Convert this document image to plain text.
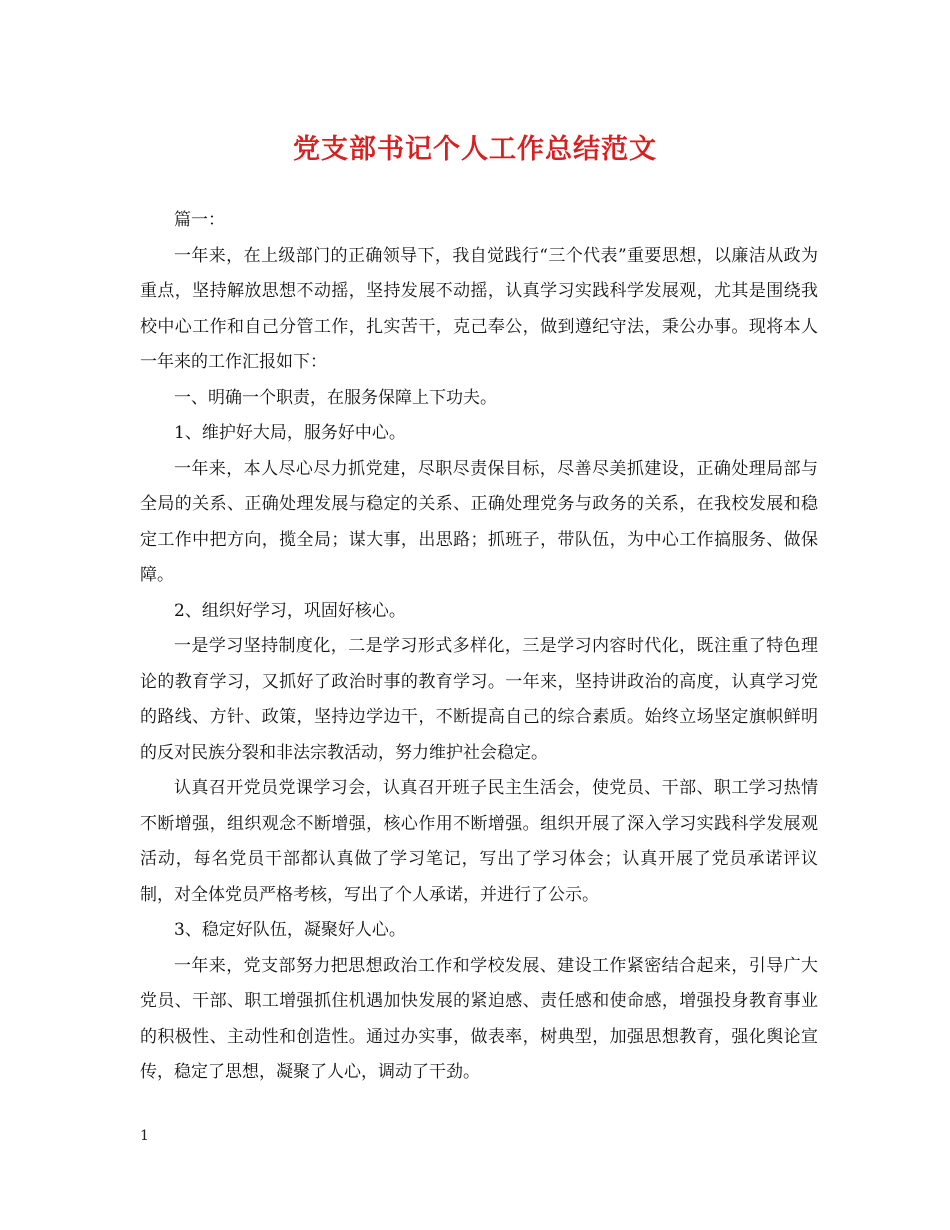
党支部书记个人工作总结范文

篇一：

一年来，在上级部门的正确领导下，我自觉践行“三个代表”重要思想，以廉洁从政为重点，坚持解放思想不动摇，坚持发展不动摇，认真学习实践科学发展观，尤其是围绕我校中心工作和自己分管工作，扎实苦干，克己奉公，做到遵纪守法，秉公办事。现将本人一年来的工作汇报如下：

一、明确一个职责，在服务保障上下功夫。

1、维护好大局，服务好中心。

一年来，本人尽心尽力抓党建，尽职尽责保目标，尽善尽美抓建设，正确处理局部与全局的关系、正确处理发展与稳定的关系、正确处理党务与政务的关系，在我校发展和稳定工作中把方向，揽全局；谋大事，出思路；抓班子，带队伍，为中心工作搞服务、做保障。

2、组织好学习，巩固好核心。

一是学习坚持制度化，二是学习形式多样化，三是学习内容时代化，既注重了特色理论的教育学习，又抓好了政治时事的教育学习。一年来，坚持讲政治的高度，认真学习党的路线、方针、政策，坚持边学边干，不断提高自己的综合素质。始终立场坚定旗帜鲜明的反对民族分裂和非法宗教活动，努力维护社会稳定。

认真召开党员党课学习会，认真召开班子民主生活会，使党员、干部、职工学习热情不断增强，组织观念不断增强，核心作用不断增强。组织开展了深入学习实践科学发展观活动，每名党员干部都认真做了学习笔记，写出了学习体会；认真开展了党员承诺评议制，对全体党员严格考核，写出了个人承诺，并进行了公示。

3、稳定好队伍，凝聚好人心。

一年来，党支部努力把思想政治工作和学校发展、建设工作紧密结合起来，引导广大党员、干部、职工增强抓住机遇加快发展的紧迫感、责任感和使命感，增强投身教育事业的积极性、主动性和创造性。通过办实事，做表率，树典型，加强思想教育，强化舆论宣传，稳定了思想，凝聚了人心，调动了干劲。

1
